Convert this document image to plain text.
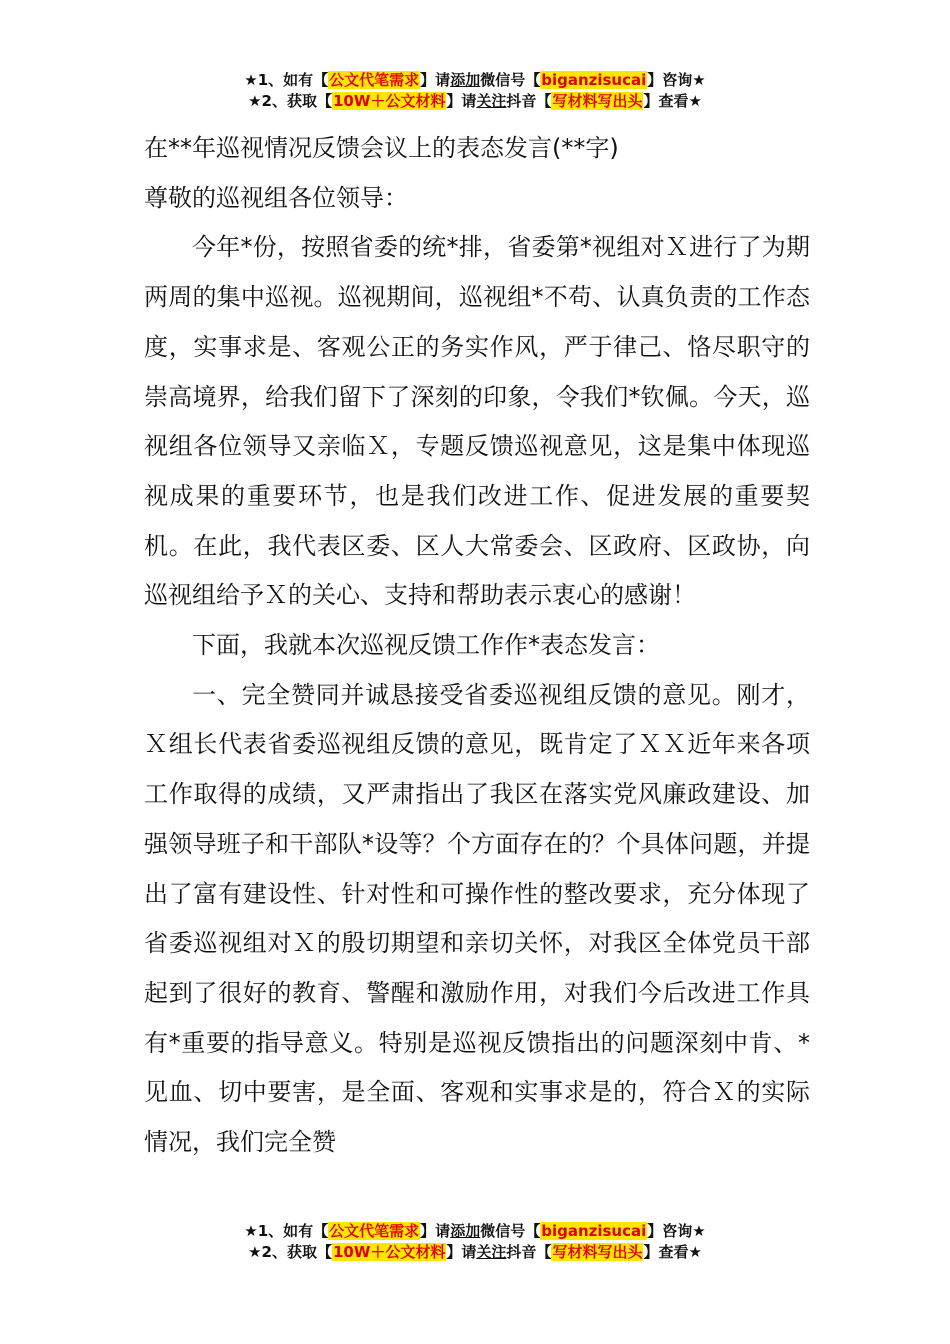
★1、如有【公文代笔需求】请添加微信号【biganzisucai】咨询★
★2、获取【10W＋公文材料】请关注抖音【写材料写出头】查看★

在**年巡视情况反馈会议上的表态发言(**字)

尊敬的巡视组各位领导：

今年*份，按照省委的统*排，省委第*视组对Ｘ进行了为期两周的集中巡视。巡视期间，巡视组*不苟、认真负责的工作态度，实事求是、客观公正的务实作风，严于律己、恪尽职守的崇高境界，给我们留下了深刻的印象，令我们*钦佩。今天，巡视组各位领导又亲临Ｘ，专题反馈巡视意见，这是集中体现巡视成果的重要环节，也是我们改进工作、促进发展的重要契机。在此，我代表区委、区人大常委会、区政府、区政协，向巡视组给予Ｘ的关心、支持和帮助表示衷心的感谢！

下面，我就本次巡视反馈工作作*表态发言：

一、完全赞同并诚恳接受省委巡视组反馈的意见。刚才，Ｘ组长代表省委巡视组反馈的意见，既肯定了ＸＸ近年来各项工作取得的成绩，又严肃指出了我区在落实党风廉政建设、加强领导班子和干部队*设等？个方面存在的？个具体问题，并提出了富有建设性、针对性和可操作性的整改要求，充分体现了省委巡视组对Ｘ的殷切期望和亲切关怀，对我区全体党员干部起到了很好的教育、警醒和激励作用，对我们今后改进工作具有*重要的指导意义。特别是巡视反馈指出的问题深刻中肯、*见血、切中要害，是全面、客观和实事求是的，符合Ｘ的实际情况，我们完全赞

★1、如有【公文代笔需求】请添加微信号【biganzisucai】咨询★
★2、获取【10W＋公文材料】请关注抖音【写材料写出头】查看★
